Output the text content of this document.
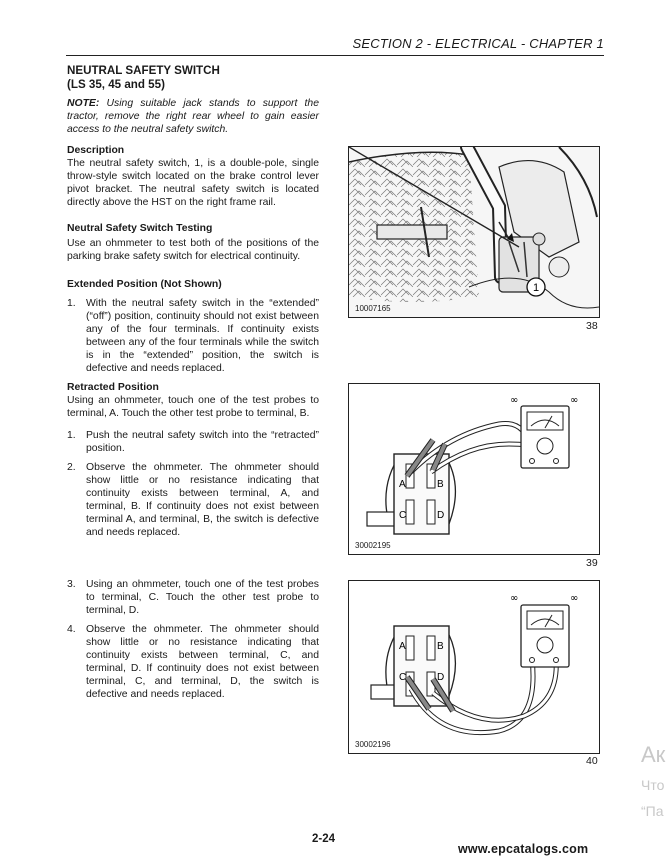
SECTION 2 - ELECTRICAL - CHAPTER 1
NEUTRAL SAFETY SWITCH
(LS 35, 45 and 55)
NOTE: Using suitable jack stands to support the tractor, remove the right rear wheel to gain easier access to the neutral safety switch.
Description
The neutral safety switch, 1, is a double-pole, single throw-style switch located on the brake control lever pivot bracket. The neutral safety switch is located directly above the HST on the right frame rail.
Neutral Safety Switch Testing
Use an ohmmeter to test both of the positions of the parking brake safety switch for electrical continuity.
Extended Position (Not Shown)
1. With the neutral safety switch in the “extended” (“off”) position, continuity should not exist between any of the four terminals. If continuity exists between any of the four terminals while the switch is in the “extended” position, the switch is defective and needs replaced.
Retracted Position
Using an ohmmeter, touch one of the test probes to terminal, A. Touch the other test probe to terminal, B.
1. Push the neutral safety switch into the “retracted” position.
2. Observe the ohmmeter. The ohmmeter should show little or no resistance indicating that continuity exists between terminal, A, and terminal, B. If continuity does not exist between terminal A, and terminal, B, the switch is defective and needs replaced.
3. Using an ohmmeter, touch one of the test probes to terminal, C. Touch the other test probe to terminal, D.
4. Observe the ohmmeter. The ohmmeter should show little or no resistance indicating that continuity exists between terminal, C, and terminal, D. If continuity does not exist between terminal, C, and terminal, D, the switch is defective and needs replaced.
1
10007165
38
A	B
C	D
∞	∞
30002195
39
A	B
C	D
∞	∞
30002196
40 Ак
Что
“Па
2-24
www.epcatalogs.com
